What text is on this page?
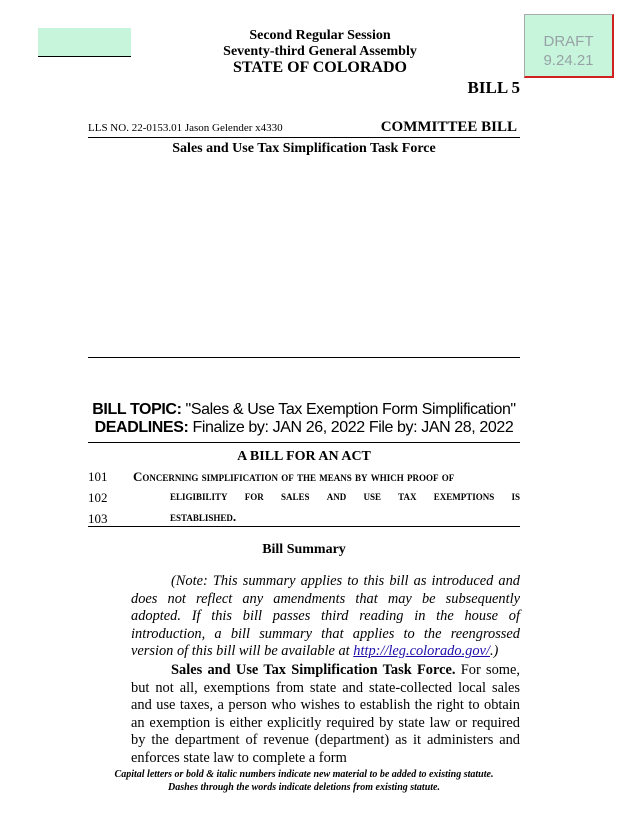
Second Regular Session
Seventy-third General Assembly
STATE OF COLORADO
DRAFT
9.24.21
BILL 5
LLS NO. 22-0153.01 Jason Gelender x4330	COMMITTEE BILL
Sales and Use Tax Simplification Task Force
BILL TOPIC: "Sales & Use Tax Exemption Form Simplification"
DEADLINES: Finalize by: JAN 26, 2022 File by: JAN 28, 2022
A BILL FOR AN ACT
101 Concerning simplification of the means by which proof of
102	eligibility for sales and use tax exemptions is
103	established.
Bill Summary
(Note: This summary applies to this bill as introduced and does not reflect any amendments that may be subsequently adopted. If this bill passes third reading in the house of introduction, a bill summary that applies to the reengrossed version of this bill will be available at http://leg.colorado.gov/.)
Sales and Use Tax Simplification Task Force. For some, but not all, exemptions from state and state-collected local sales and use taxes, a person who wishes to establish the right to obtain an exemption is either explicitly required by state law or required by the department of revenue (department) as it administers and enforces state law to complete a form
Capital letters or bold & italic numbers indicate new material to be added to existing statute.
Dashes through the words indicate deletions from existing statute.
